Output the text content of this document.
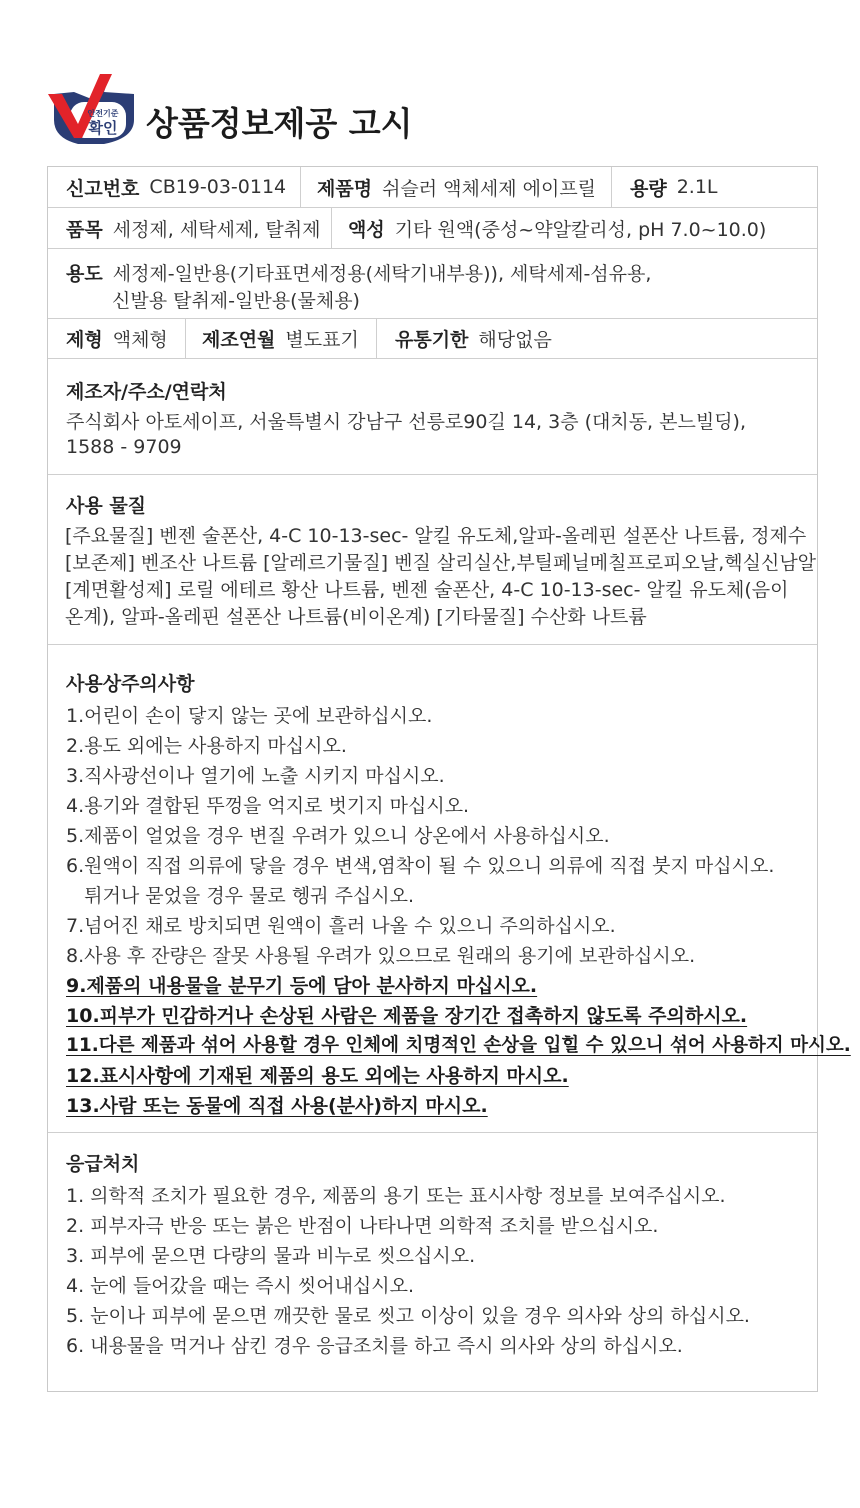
안전기준
확인 상품정보제공 고시
신고번호 CB19-03-0114 제품명 쉬슬러 액체세제 에이프릴 용량 2.1L
품목 세정제, 세탁세제, 탈취제 액성 기타 원액(중성~약알칼리성, pH 7.0~10.0)
용도 세정제-일반용(기타표면세정용(세탁기내부용)), 세탁세제-섬유용,
신발용 탈취제-일반용(물체용)
제형 액체형 제조연월 별도표기 유통기한 해당없음
제조자/주소/연락처
주식회사 아토세이프, 서울특별시 강남구 선릉로90길 14, 3층 (대치동, 본느빌딩),
1588 - 9709
사용 물질
[주요물질] 벤젠 술폰산, 4-C 10-13-sec- 알킬 유도체,알파-올레핀 설폰산 나트륨, 정제수
[보존제] 벤조산 나트륨 [알레르기물질] 벤질 살리실산,부틸페닐메칠프로피오날,헥실신남알
[계면활성제] 로릴 에테르 황산 나트륨, 벤젠 술폰산, 4-C 10-13-sec- 알킬 유도체(음이
온계), 알파-올레핀 설폰산 나트륨(비이온계) [기타물질] 수산화 나트륨
사용상주의사항
1.어린이 손이 닿지 않는 곳에 보관하십시오.
2.용도 외에는 사용하지 마십시오.
3.직사광선이나 열기에 노출 시키지 마십시오.
4.용기와 결합된 뚜껑을 억지로 벗기지 마십시오.
5.제품이 얼었을 경우 변질 우려가 있으니 상온에서 사용하십시오.
6.원액이 직접 의류에 닿을 경우 변색,염착이 될 수 있으니 의류에 직접 붓지 마십시오.
튀거나 묻었을 경우 물로 헹궈 주십시오.
7.넘어진 채로 방치되면 원액이 흘러 나올 수 있으니 주의하십시오.
8.사용 후 잔량은 잘못 사용될 우려가 있으므로 원래의 용기에 보관하십시오.
9.제품의 내용물을 분무기 등에 담아 분사하지 마십시오.
10.피부가 민감하거나 손상된 사람은 제품을 장기간 접촉하지 않도록 주의하시오.
11.다른 제품과 섞어 사용할 경우 인체에 치명적인 손상을 입힐 수 있으니 섞어 사용하지 마시오.
12.표시사항에 기재된 제품의 용도 외에는 사용하지 마시오.
13.사람 또는 동물에 직접 사용(분사)하지 마시오.
응급처치
1. 의학적 조치가 필요한 경우, 제품의 용기 또는 표시사항 정보를 보여주십시오.
2. 피부자극 반응 또는 붉은 반점이 나타나면 의학적 조치를 받으십시오.
3. 피부에 묻으면 다량의 물과 비누로 씻으십시오.
4. 눈에 들어갔을 때는 즉시 씻어내십시오.
5. 눈이나 피부에 묻으면 깨끗한 물로 씻고 이상이 있을 경우 의사와 상의 하십시오.
6. 내용물을 먹거나 삼킨 경우 응급조치를 하고 즉시 의사와 상의 하십시오.
